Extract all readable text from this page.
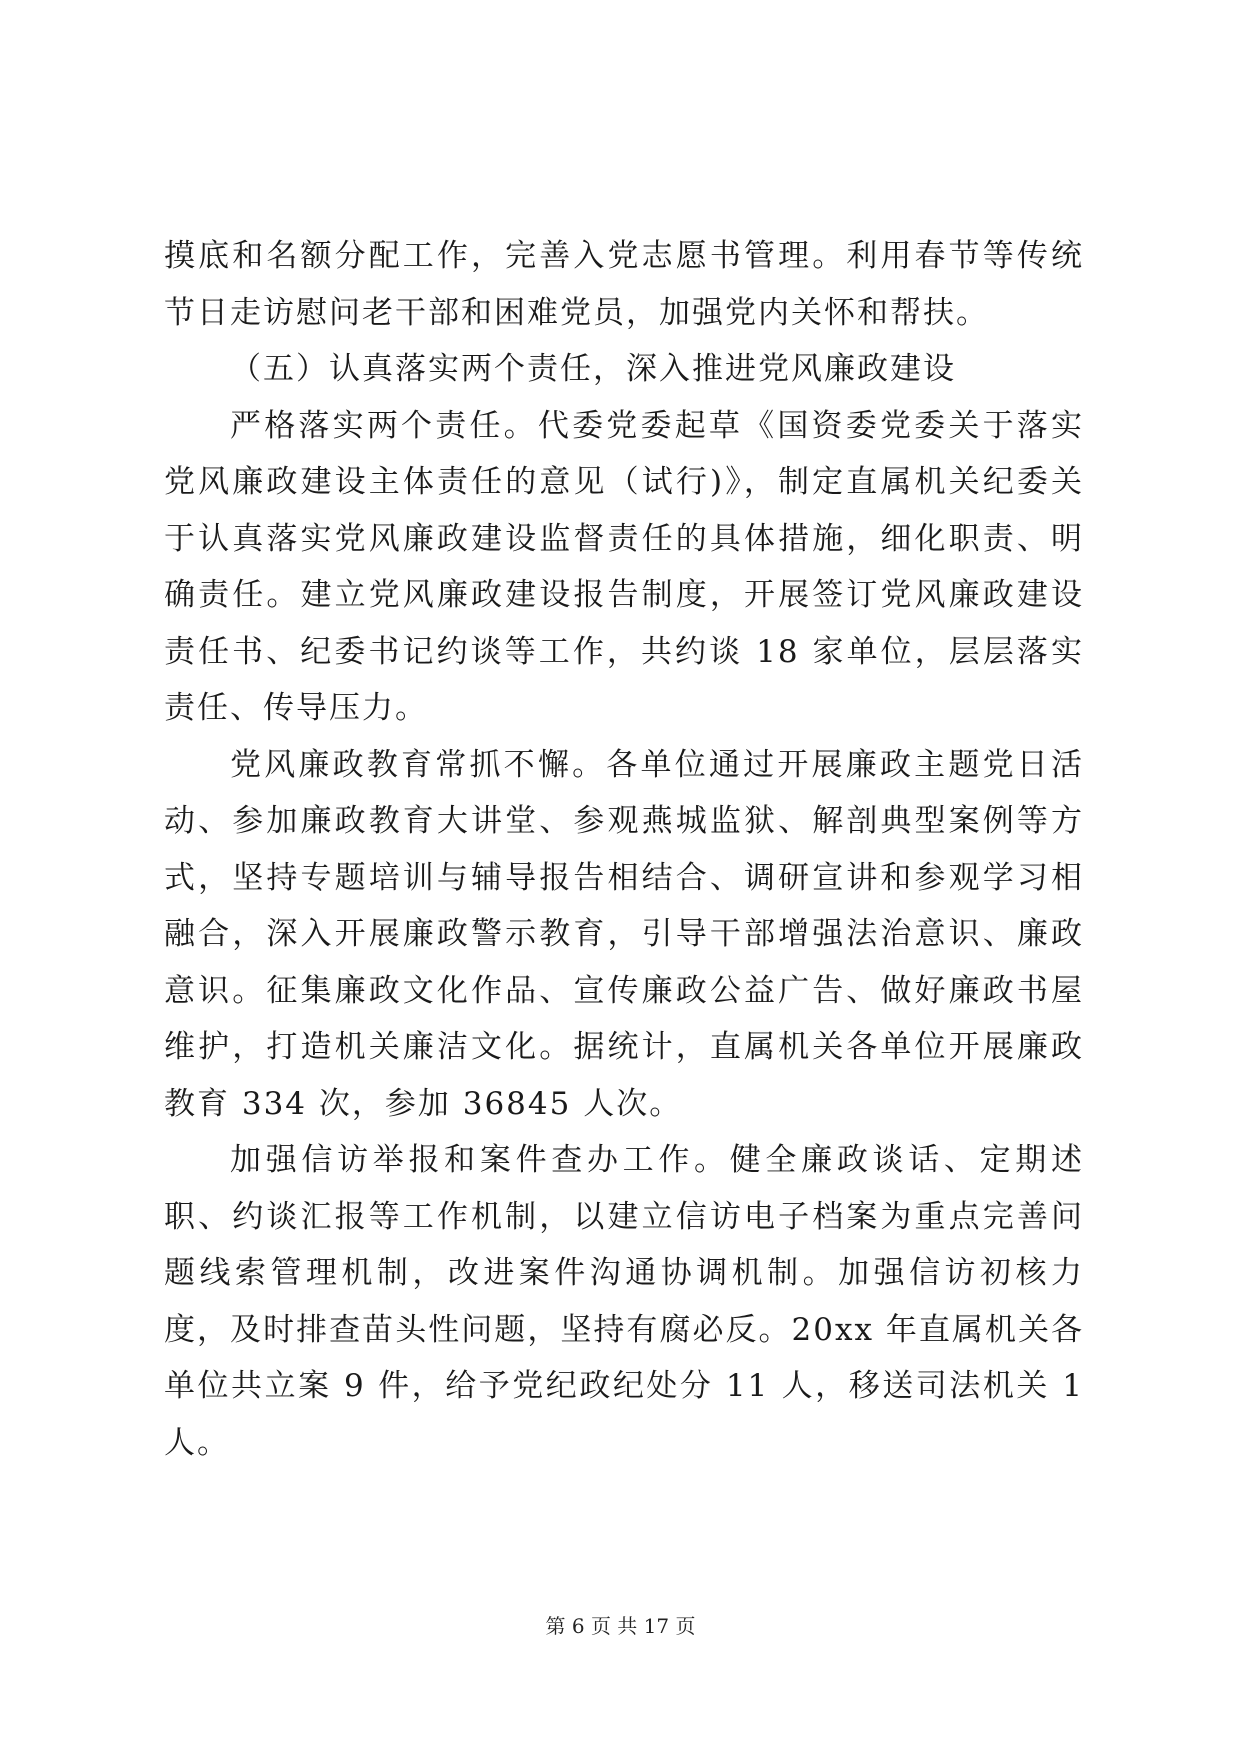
摸底和名额分配工作，完善入党志愿书管理。利用春节等传统节日走访慰问老干部和困难党员，加强党内关怀和帮扶。

（五）认真落实两个责任，深入推进党风廉政建设

严格落实两个责任。代委党委起草《国资委党委关于落实党风廉政建设主体责任的意见（试行)》，制定直属机关纪委关于认真落实党风廉政建设监督责任的具体措施，细化职责、明确责任。建立党风廉政建设报告制度，开展签订党风廉政建设责任书、纪委书记约谈等工作，共约谈 18 家单位，层层落实责任、传导压力。

党风廉政教育常抓不懈。各单位通过开展廉政主题党日活动、参加廉政教育大讲堂、参观燕城监狱、解剖典型案例等方式，坚持专题培训与辅导报告相结合、调研宣讲和参观学习相融合，深入开展廉政警示教育，引导干部增强法治意识、廉政意识。征集廉政文化作品、宣传廉政公益广告、做好廉政书屋维护，打造机关廉洁文化。据统计，直属机关各单位开展廉政教育 334 次，参加 36845 人次。

加强信访举报和案件查办工作。健全廉政谈话、定期述职、约谈汇报等工作机制，以建立信访电子档案为重点完善问题线索管理机制，改进案件沟通协调机制。加强信访初核力度，及时排查苗头性问题，坚持有腐必反。20xx 年直属机关各单位共立案 9 件，给予党纪政纪处分 11 人，移送司法机关 1 人。

第 6 页 共 17 页
